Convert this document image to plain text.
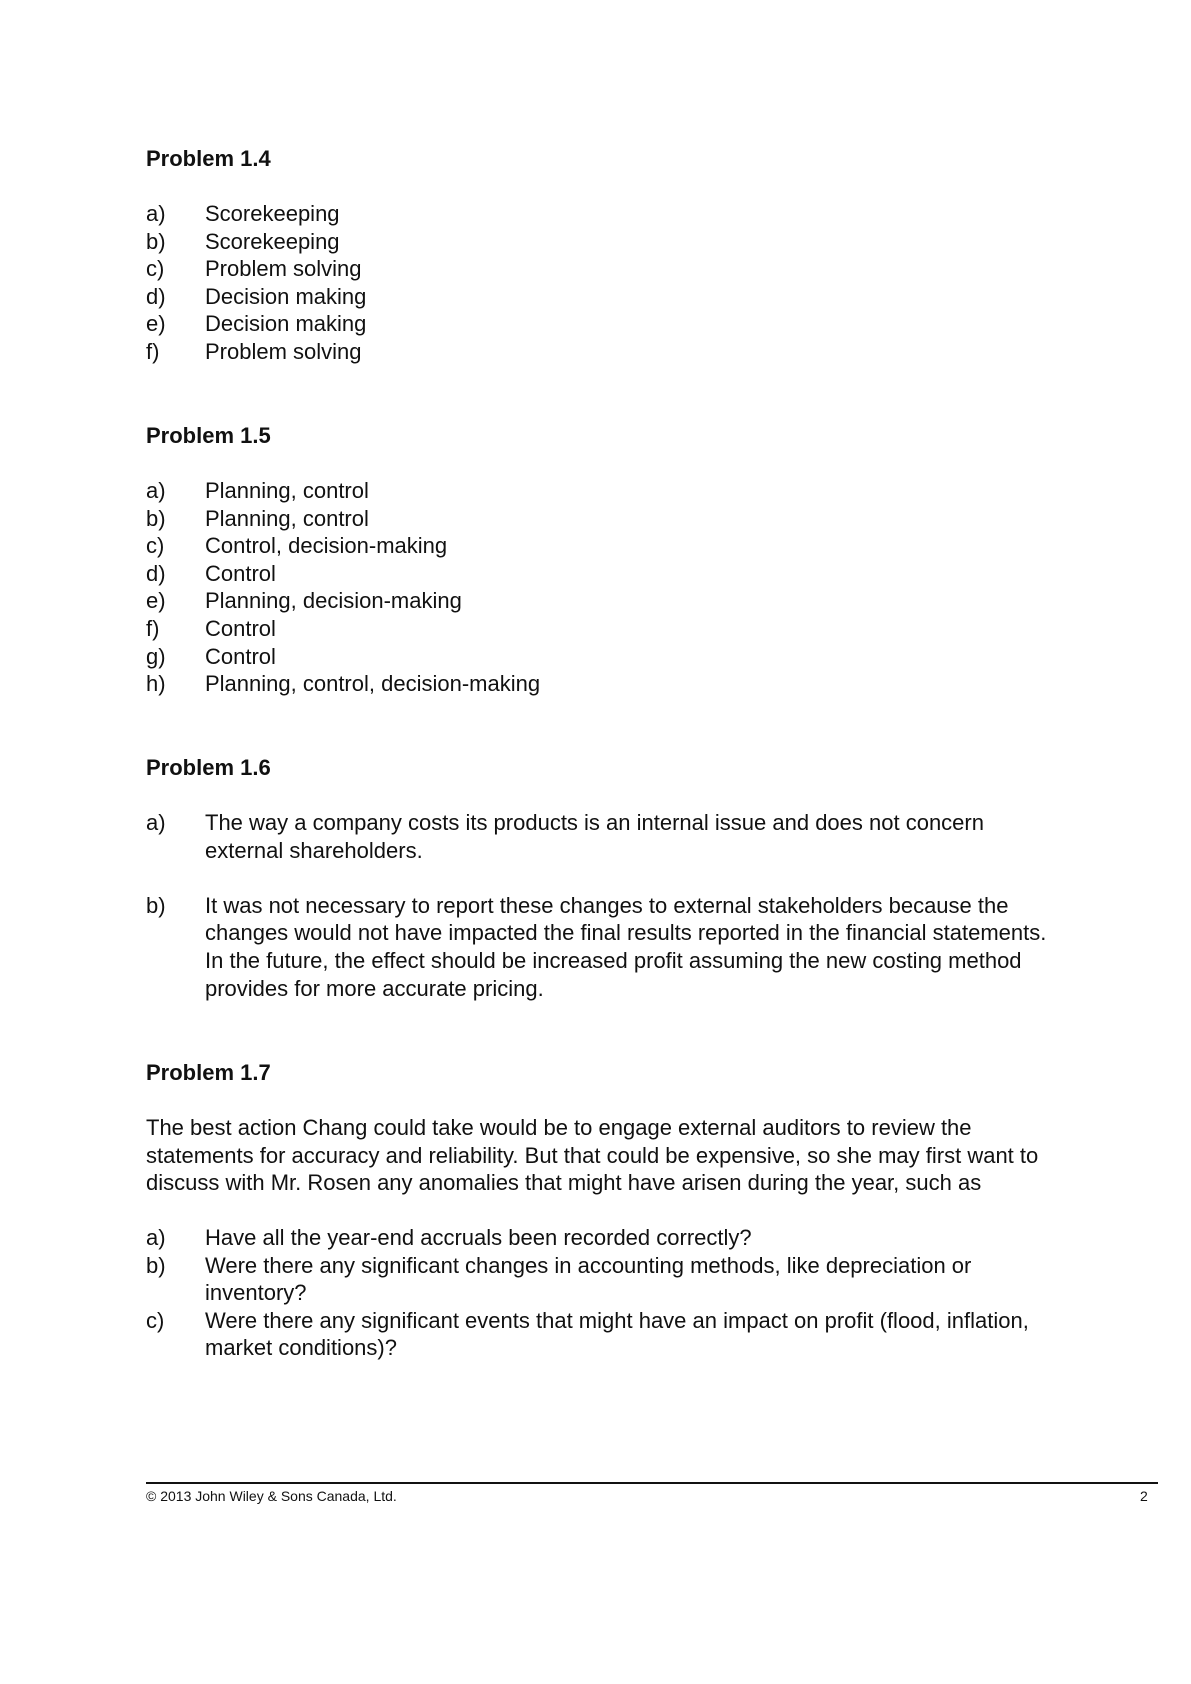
Problem 1.4
a)	Scorekeeping
b)	Scorekeeping
c)	Problem solving
d)	Decision making
e)	Decision making
f)	Problem solving
Problem 1.5
a)	Planning, control
b)	Planning, control
c)	Control, decision-making
d)	Control
e)	Planning, decision-making
f)	Control
g)	Control
h)	Planning, control, decision-making
Problem 1.6
a)	The way a company costs its products is an internal issue and does not concern external shareholders.
b)	It was not necessary to report these changes to external stakeholders because the changes would not have impacted the final results reported in the financial statements. In the future, the effect should be increased profit assuming the new costing method provides for more accurate pricing.
Problem 1.7
The best action Chang could take would be to engage external auditors to review the statements for accuracy and reliability. But that could be expensive, so she may first want to discuss with Mr. Rosen any anomalies that might have arisen during the year, such as
a)	Have all the year-end accruals been recorded correctly?
b)	Were there any significant changes in accounting methods, like depreciation or inventory?
c)	Were there any significant events that might have an impact on profit (flood, inflation, market conditions)?
© 2013 John Wiley & Sons Canada, Ltd.	2
